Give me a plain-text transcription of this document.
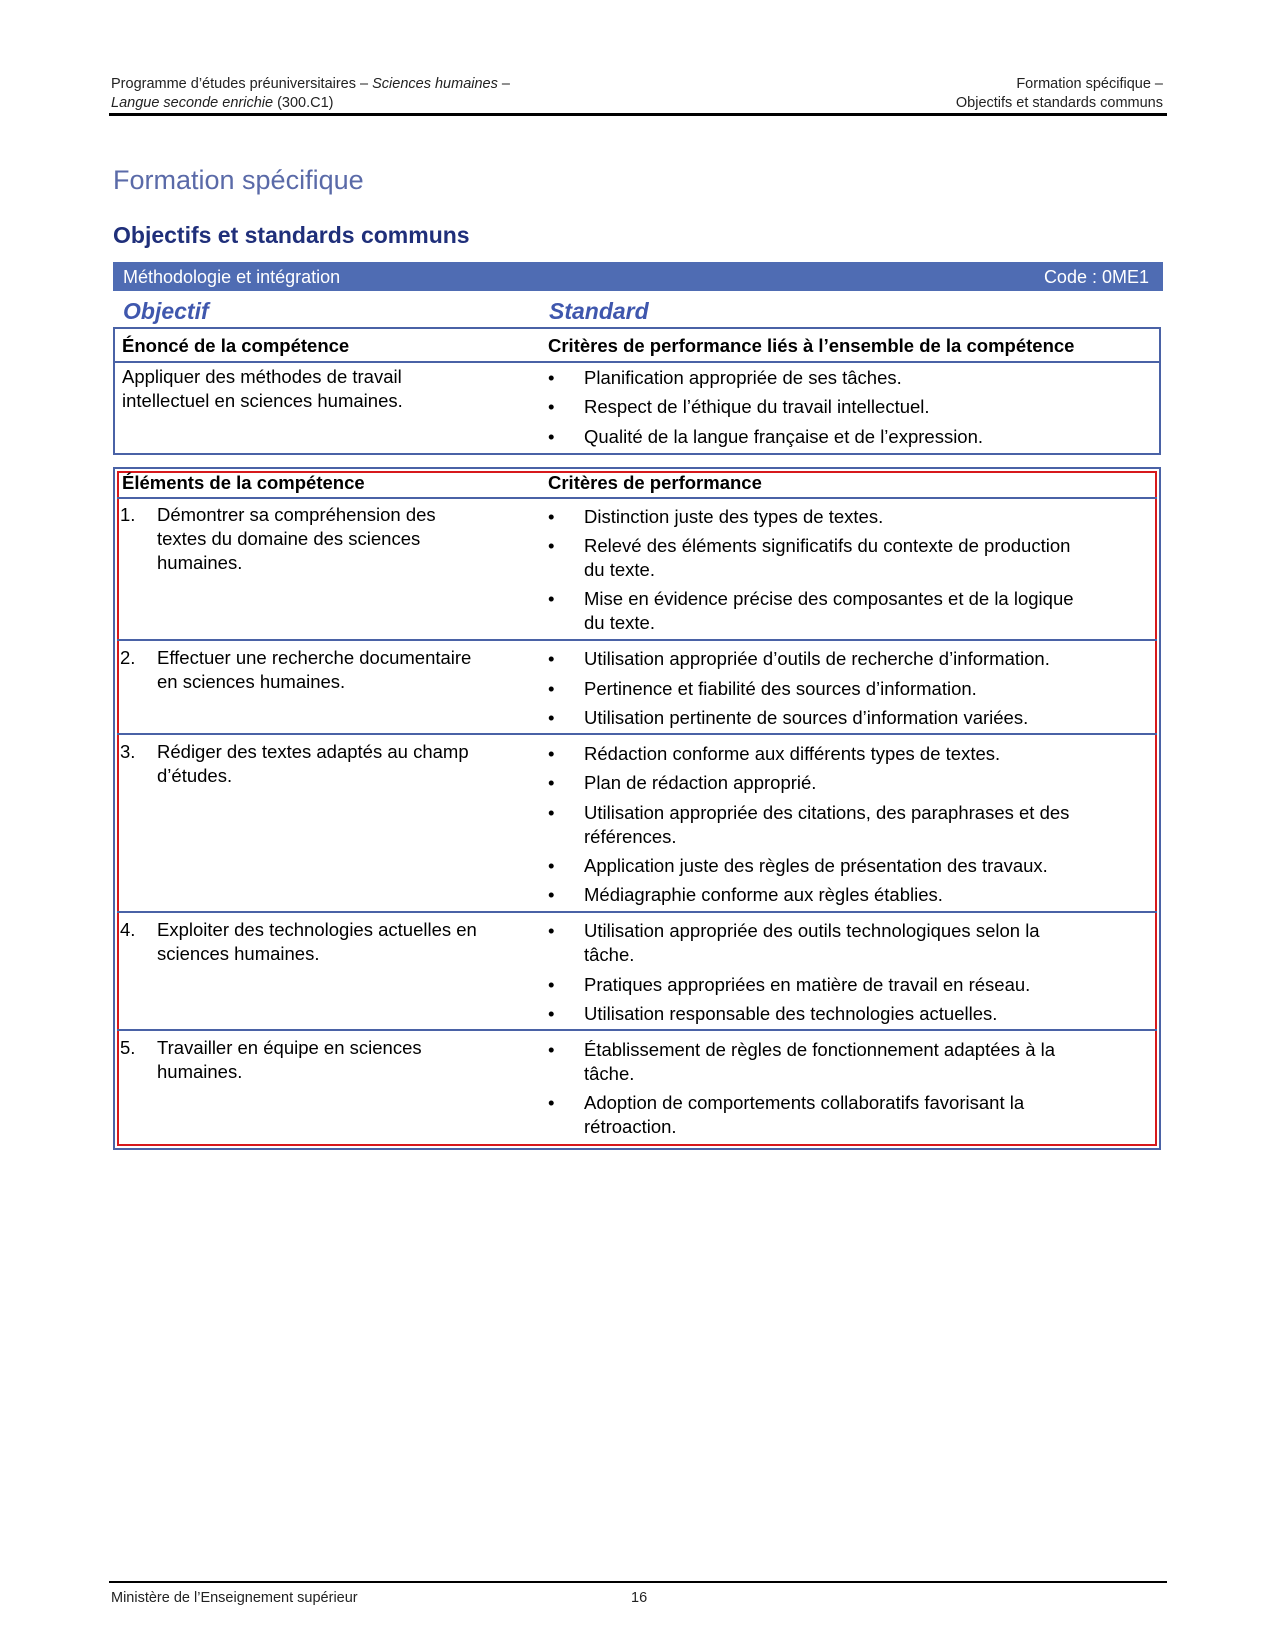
Programme d’études préuniversitaires – Sciences humaines –
Langue seconde enrichie (300.C1)
Formation spécifique –
Objectifs et standards communs
Formation spécifique
Objectifs et standards communs
Méthodologie et intégration	Code : 0ME1
Objectif	Standard
Énoncé de la compétence	Critères de performance liés à l’ensemble de la compétence
Appliquer des méthodes de travail
intellectuel en sciences humaines.
• Planification appropriée de ses tâches.
• Respect de l’éthique du travail intellectuel.
• Qualité de la langue française et de l’expression.
Éléments de la compétence	Critères de performance
1. Démontrer sa compréhension des
textes du domaine des sciences
humaines.
• Distinction juste des types de textes.
• Relevé des éléments significatifs du contexte de production
du texte.
• Mise en évidence précise des composantes et de la logique
du texte.
2. Effectuer une recherche documentaire
en sciences humaines.
• Utilisation appropriée d’outils de recherche d’information.
• Pertinence et fiabilité des sources d’information.
• Utilisation pertinente de sources d’information variées.
3. Rédiger des textes adaptés au champ
d’études.
• Rédaction conforme aux différents types de textes.
• Plan de rédaction approprié.
• Utilisation appropriée des citations, des paraphrases et des
références.
• Application juste des règles de présentation des travaux.
• Médiagraphie conforme aux règles établies.
4. Exploiter des technologies actuelles en
sciences humaines.
• Utilisation appropriée des outils technologiques selon la
tâche.
• Pratiques appropriées en matière de travail en réseau.
• Utilisation responsable des technologies actuelles.
5. Travailler en équipe en sciences
humaines.
• Établissement de règles de fonctionnement adaptées à la
tâche.
• Adoption de comportements collaboratifs favorisant la
rétroaction.
Ministère de l’Enseignement supérieur	16
